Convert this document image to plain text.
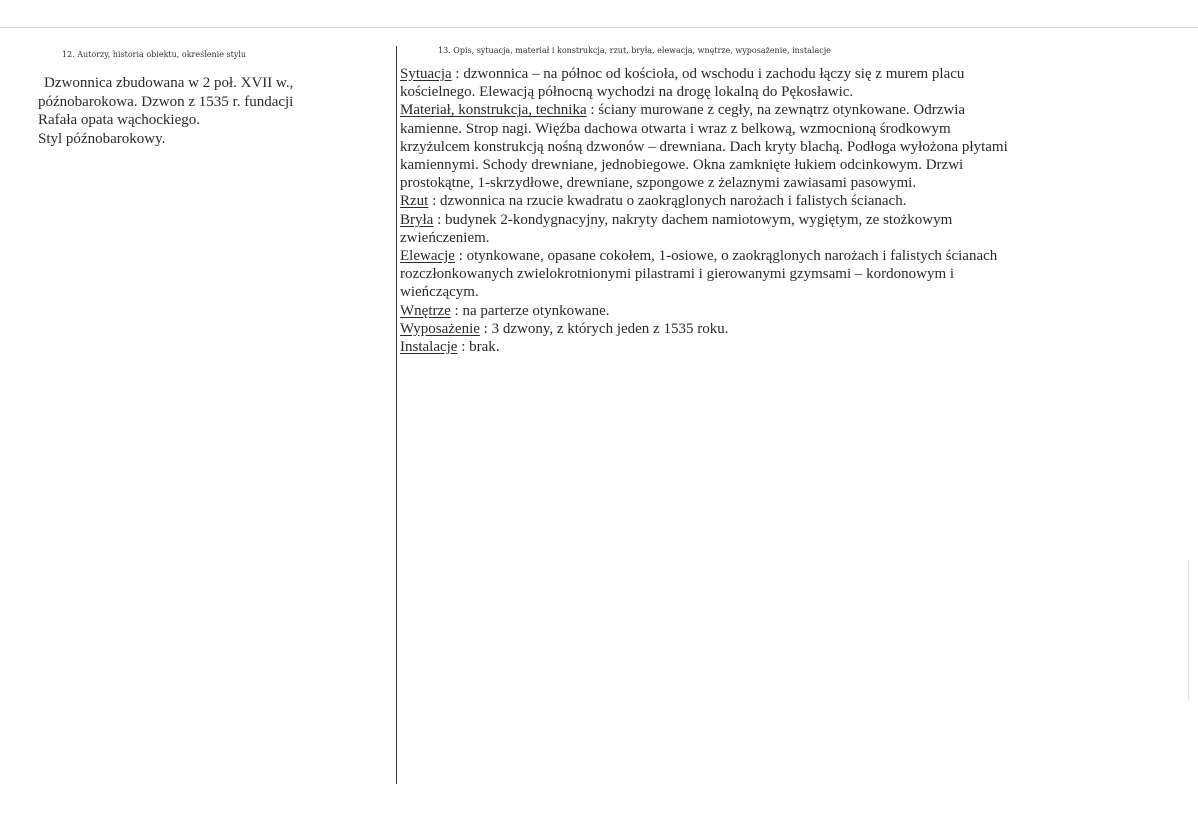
12. Autorzy, historia obiektu, określenie stylu

Dzwonnica zbudowana w 2 poł. XVII w.,

późnobarokowa. Dzwon z 1535 r. fundacji

Rafała opata wąchockiego.

Styl późnobarokowy.

13. Opis, sytuacja, materiał i konstrukcja, rzut, bryła, elewacja, wnętrze, wyposażenie, instalacje

Sytuacja : dzwonnica – na północ od kościoła, od wschodu i zachodu łączy się z murem placu

kościelnego. Elewacją północną wychodzi na drogę lokalną do Pękosławic.

Materiał, konstrukcja, technika : ściany murowane z cegły, na zewnątrz otynkowane. Odrzwia

kamienne. Strop nagi. Więźba dachowa otwarta i wraz z belkową, wzmocnioną środkowym

krzyżulcem konstrukcją nośną dzwonów – drewniana. Dach kryty blachą. Podłoga wyłożona płytami

kamiennymi. Schody drewniane, jednobiegowe. Okna zamknięte łukiem odcinkowym. Drzwi

prostokątne, 1-skrzydłowe, drewniane, szpongowe z żelaznymi zawiasami pasowymi.

Rzut : dzwonnica na rzucie kwadratu o zaokrąglonych narożach i falistych ścianach.

Bryła : budynek 2-kondygnacyjny, nakryty dachem namiotowym, wygiętym, ze stożkowym

zwieńczeniem.

Elewacje : otynkowane, opasane cokołem, 1-osiowe, o zaokrąglonych narożach i falistych ścianach

rozczłonkowanych zwielokrotnionymi pilastrami i gierowanymi gzymsami – kordonowym i

wieńczącym.

Wnętrze : na parterze otynkowane.

Wyposażenie : 3 dzwony, z których jeden z 1535 roku.

Instalacje : brak.
